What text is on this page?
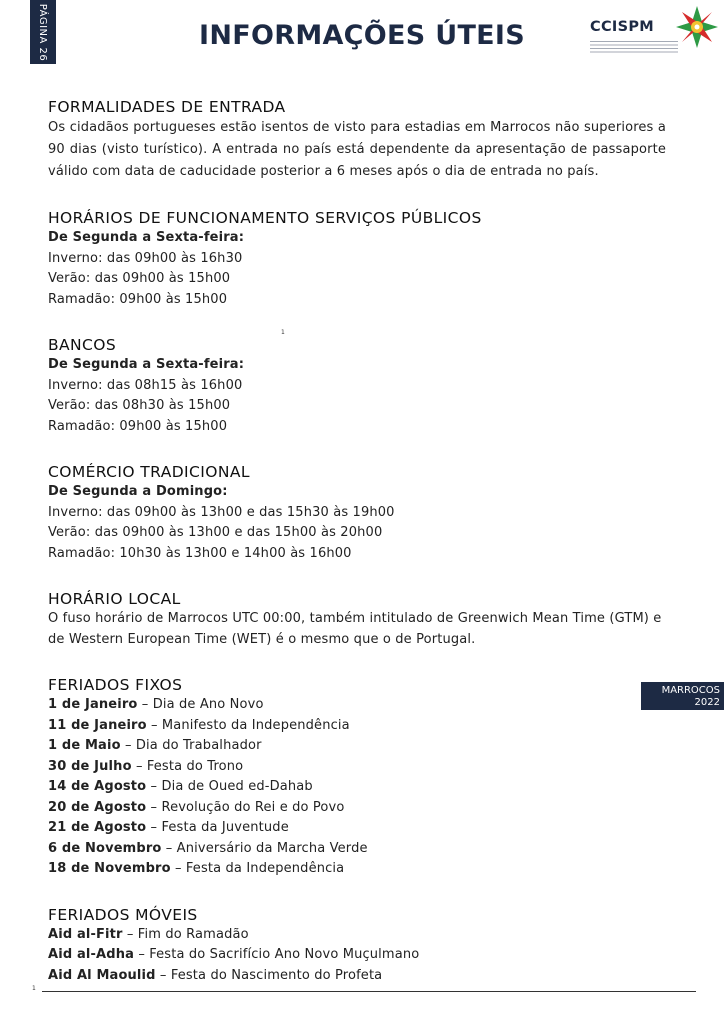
PÁGINA 26	INFORMAÇÕES ÚTEIS	CCISPM
MARROCOS
2022
FORMALIDADES DE ENTRADA

Os cidadãos portugueses estão isentos de visto para estadias em Marrocos não superiores a 90 dias (visto turístico). A entrada no país está dependente da apresentação de passaporte válido com data de caducidade posterior a 6 meses após o dia de entrada no país.

HORÁRIOS DE FUNCIONAMENTO SERVIÇOS PÚBLICOS
De Segunda a Sexta-feira:
Inverno: das 09h00 às 16h30
Verão: das 09h00 às 15h00
Ramadão: 09h00 às 15h00
BANCOS
De Segunda a Sexta-feira:
Inverno: das 08h15 às 16h00
Verão: das 08h30 às 15h00
Ramadão: 09h00 às 15h00
COMÉRCIO TRADICIONAL
De Segunda a Domingo:
Inverno: das 09h00 às 13h00 e das 15h30 às 19h00
Verão: das 09h00 às 13h00 e das 15h00 às 20h00
Ramadão: 10h30 às 13h00 e 14h00 às 16h00
HORÁRIO LOCAL

O fuso horário de Marrocos UTC 00:00, também intitulado de Greenwich Mean Time (GTM) e de Western European Time (WET) é o mesmo que o de Portugal.

FERIADOS FIXOS
1 de Janeiro – Dia de Ano Novo
11 de Janeiro – Manifesto da Independência
1 de Maio – Dia do Trabalhador
30 de Julho – Festa do Trono
14 de Agosto – Dia de Oued ed-Dahab
20 de Agosto – Revolução do Rei e do Povo
21 de Agosto – Festa da Juventude
6 de Novembro – Aniversário da Marcha Verde
18 de Novembro – Festa da Independência
FERIADOS MÓVEIS
Aid al-Fitr – Fim do Ramadão
Aid al-Adha – Festa do Sacrifício Ano Novo Muçulmano
Aid Al Maoulid – Festa do Nascimento do Profeta
1
1
